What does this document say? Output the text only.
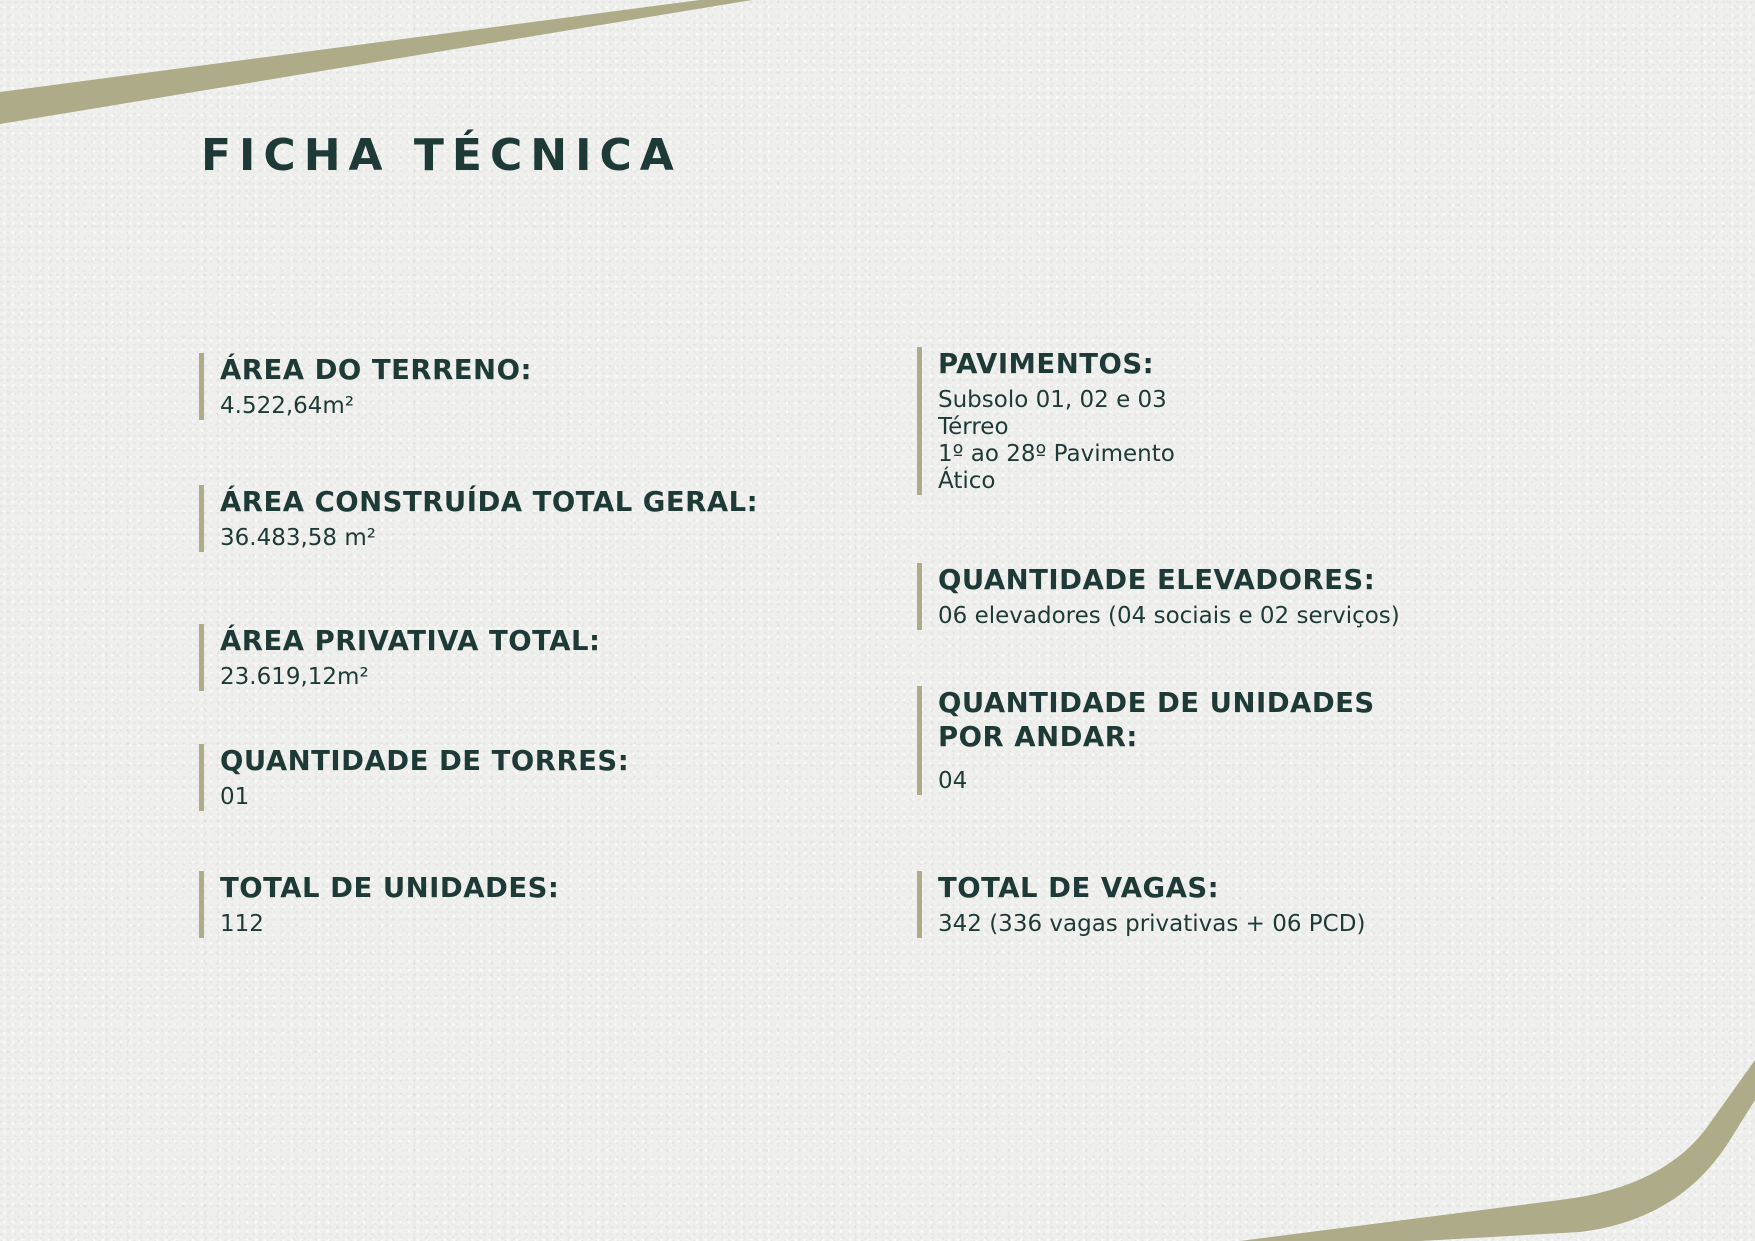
FICHA TÉCNICA
ÁREA DO TERRENO:
4.522,64m²
ÁREA CONSTRUÍDA TOTAL GERAL:
36.483,58 m²
ÁREA PRIVATIVA TOTAL:
23.619,12m²
QUANTIDADE DE TORRES:
01
TOTAL DE UNIDADES:
112
PAVIMENTOS:
Subsolo 01, 02 e 03
Térreo
1º ao 28º Pavimento
Ático
QUANTIDADE ELEVADORES:
06 elevadores (04 sociais e 02 serviços)
QUANTIDADE DE UNIDADES POR ANDAR:
04
TOTAL DE VAGAS:
342 (336 vagas privativas + 06 PCD)
